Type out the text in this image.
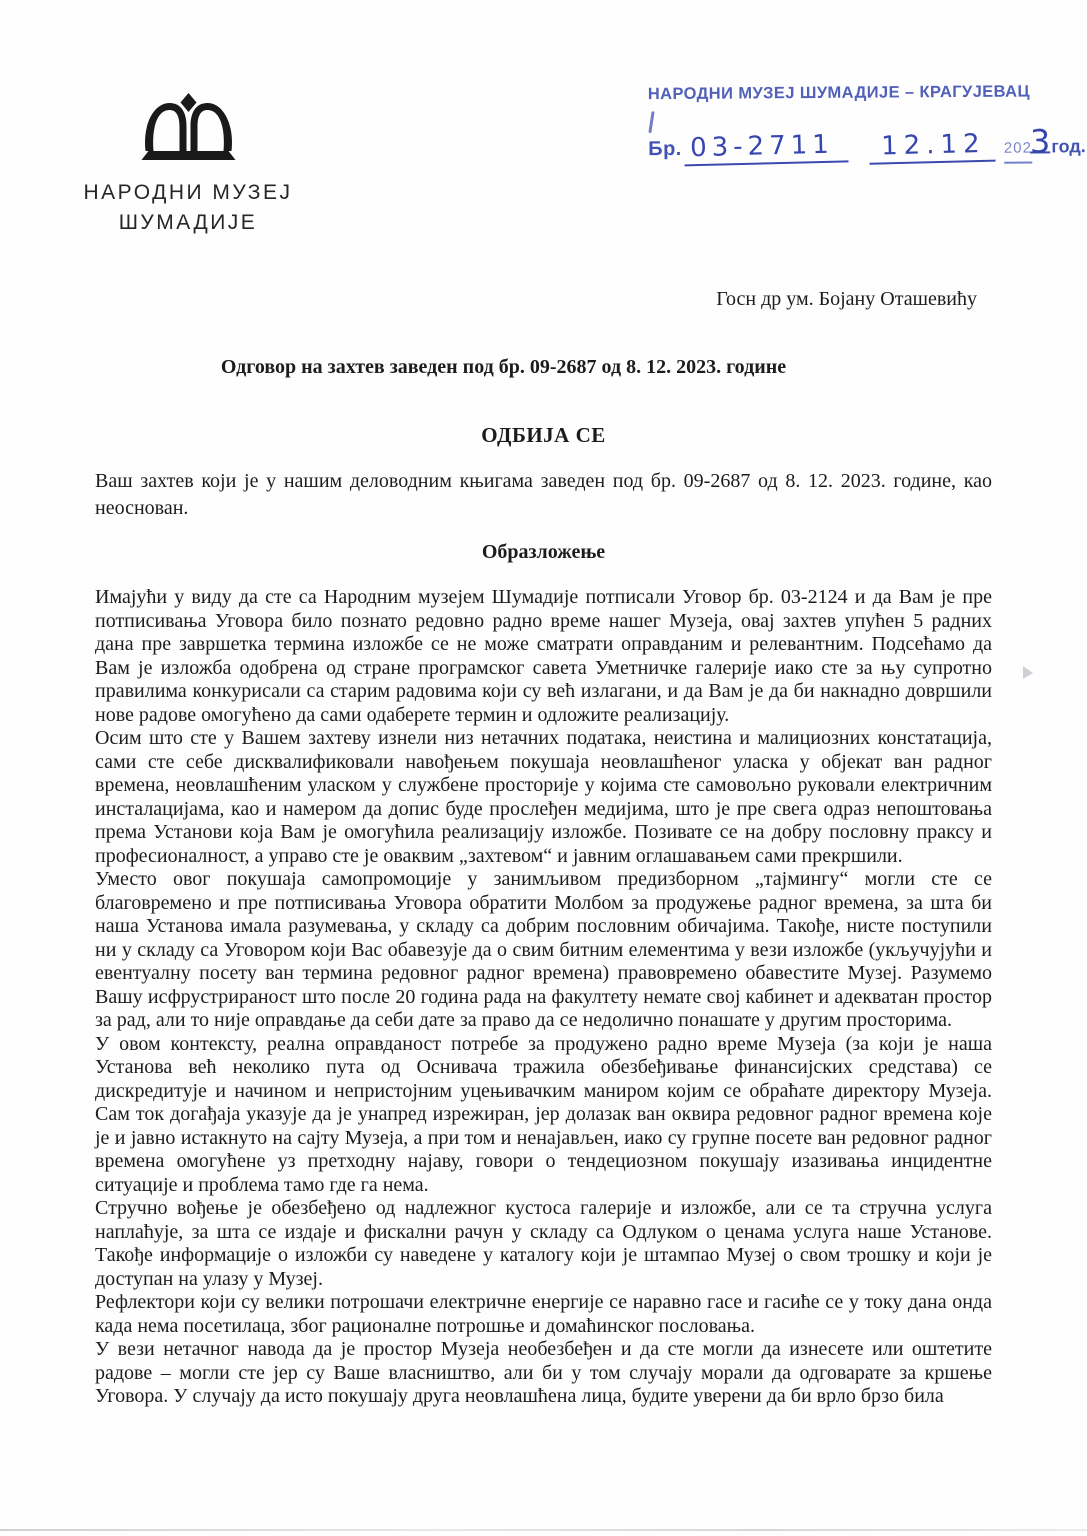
НАРОДНИ МУЗЕЈ
ШУМАДИЈЕ
НАРОДНИ МУЗЕЈ ШУМАДИЈЕ – КРАГУЈЕВАЦ
Бр. 03-2711	12.12	202
3 год.
Госн др ум. Бојану Оташевићу
Одговор на захтев заведен под бр. 09-2687 од 8. 12. 2023. године
ОДБИЈА СЕ
Ваш захтев који је у нашим деловодним књигама заведен под бр. 09-2687 од 8. 12. 2023. године, као неоснован.
Образложење

Имајући у виду да сте са Народним музејем Шумадије потписали Уговор бр. 03-2124 и да Вам је пре потписивања Уговора било познато редовно радно време нашег Музеја, овај захтев упућен 5 радних дана пре завршетка термина изложбе се не може сматрати оправданим и релевантним. Подсећамо да Вам је изложба одобрена од стране програмског савета Уметничке галерије иако сте за њу супротно правилима конкурисали са старим радовима који су већ излагани, и да Вам је да би накнадно довршили нове радове омогућено да сами одаберете термин и одложите реализацију.

Осим што сте у Вашем захтеву изнели низ нетачних података, неистина и малициозних констатација, сами сте себе дисквалификовали навођењем покушаја неовлашћеног уласка у објекат ван радног времена, неовлашћеним уласком у службене просторије у којима сте самовољно руковали електричним инсталацијама, као и намером да допис буде прослеђен медијима, што је пре свега одраз непоштовања према Установи која Вам је омогућила реализацију изложбе. Позивате се на добру пословну праксу и професионалност, а управо сте је оваквим „захтевом“ и јавним оглашавањем сами прекршили.

Уместо овог покушаја самопромоције у занимљивом предизборном „тајмингу“ могли сте се благовремено и пре потписивања Уговора обратити Молбом за продужење радног времена, за шта би наша Установа имала разумевања, у складу са добрим пословним обичајима. Такође, нисте поступили ни у складу са Уговором који Вас обавезује да о свим битним елементима у вези изложбе (укључујући и евентуалну посету ван термина редовног радног времена) правовремено обавестите Музеј. Разумемо Вашу исфрустрираност што после 20 година рада на факултету немате свој кабинет и адекватан простор за рад, али то није оправдање да себи дате за право да се недолично понашате у другим просторима.

У овом контексту, реална оправданост потребе за продужено радно време Музеја (за који је наша Установа већ неколико пута од Оснивача тражила обезбеђивање финансијских средстава) се дискредитује и начином и непристојним уцењивачким маниром којим се обраћате директору Музеја. Сам ток догађаја указује да је унапред изрежиран, јер долазак ван оквира редовног радног времена које је и јавно истакнуто на сајту Музеја, а при том и ненајављен, иако су групне посете ван редовног радног времена омогућене уз претходну најаву, говори о тендециозном покушају изазивања инцидентне ситуације и проблема тамо где га нема.

Стручно вођење је обезбеђено од надлежног кустоса галерије и изложбе, али се та стручна услуга наплаћује, за шта се издаје и фискални рачун у складу са Одлуком о ценама услуга наше Установе. Такође информације о изложби су наведене у каталогу који је штампао Музеј о свом трошку и који је доступан на улазу у Музеј.

Рефлектори који су велики потрошачи електричне енергије се наравно гасе и гасиће се у току дана онда када нема посетилаца, због рационалне потрошње и домаћинског пословања.

У вези нетачног навода да је простор Музеја необезбеђен и да сте могли да изнесете или оштетите радове – могли сте јер су Ваше власништво, али би у том случају морали да одговарате за кршење Уговора. У случају да исто покушају друга неовлашћена лица, будите уверени да би врло брзо била
